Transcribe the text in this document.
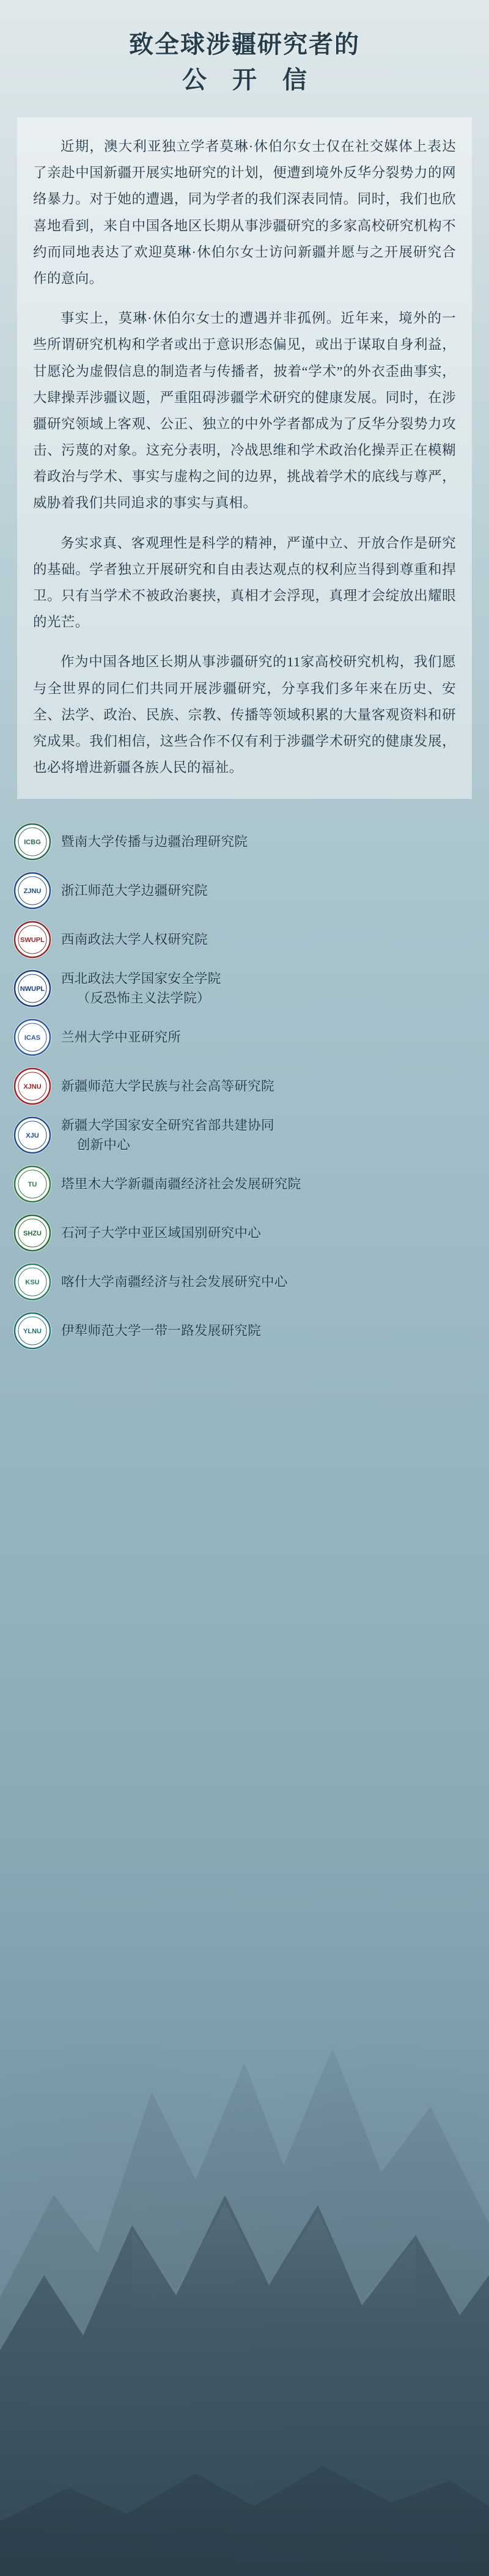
致全球涉疆研究者的
公 开 信

近期，澳大利亚独立学者莫琳·休伯尔女士仅在社交媒体上表达了亲赴中国新疆开展实地研究的计划，便遭到境外反华分裂势力的网络暴力。对于她的遭遇，同为学者的我们深表同情。同时，我们也欣喜地看到，来自中国各地区长期从事涉疆研究的多家高校研究机构不约而同地表达了欢迎莫琳·休伯尔女士访问新疆并愿与之开展研究合作的意向。

事实上，莫琳·休伯尔女士的遭遇并非孤例。近年来，境外的一些所谓研究机构和学者或出于意识形态偏见，或出于谋取自身利益，甘愿沦为虚假信息的制造者与传播者，披着“学术”的外衣歪曲事实，大肆操弄涉疆议题，严重阻碍涉疆学术研究的健康发展。同时，在涉疆研究领域上客观、公正、独立的中外学者都成为了反华分裂势力攻击、污蔑的对象。这充分表明，冷战思维和学术政治化操弄正在模糊着政治与学术、事实与虚构之间的边界，挑战着学术的底线与尊严，威胁着我们共同追求的事实与真相。

务实求真、客观理性是科学的精神，严谨中立、开放合作是研究的基础。学者独立开展研究和自由表达观点的权利应当得到尊重和捍卫。只有当学术不被政治裹挟，真相才会浮现，真理才会绽放出耀眼的光芒。

作为中国各地区长期从事涉疆研究的11家高校研究机构，我们愿与全世界的同仁们共同开展涉疆研究，分享我们多年来在历史、安全、法学、政治、民族、宗教、传播等领域积累的大量客观资料和研究成果。我们相信，这些合作不仅有利于涉疆学术研究的健康发展，也必将增进新疆各族人民的福祉。

ICBG 暨南大学传播与边疆治理研究院
ZJNU 浙江师范大学边疆研究院
SWUPL 西南政法大学人权研究院
NWUPL
西北政法大学国家安全学院
（反恐怖主义法学院）
ICAS 兰州大学中亚研究所
XJNU 新疆师范大学民族与社会高等研究院
XJU
新疆大学国家安全研究省部共建协同
创新中心
TU 塔里木大学新疆南疆经济社会发展研究院
SHZU 石河子大学中亚区域国别研究中心
KSU 喀什大学南疆经济与社会发展研究中心
YLNU 伊犁师范大学一带一路发展研究院
